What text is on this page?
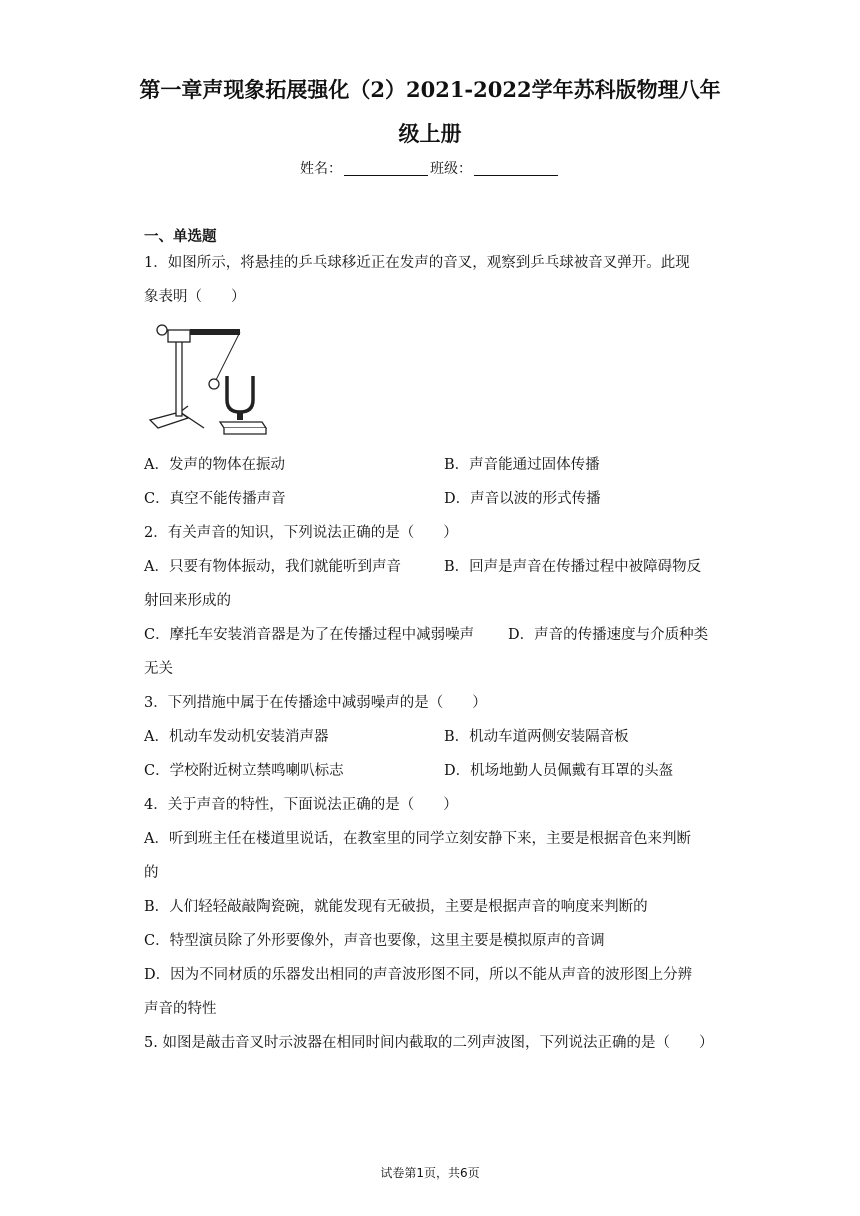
第一章声现象拓展强化（2）2021-2022学年苏科版物理八年
级上册
姓名：	班级：
一、单选题
1．如图所示，将悬挂的乒乓球移近正在发声的音叉，观察到乒乓球被音叉弹开。此现
象表明（　　）
A．发声的物体在振动	B．声音能通过固体传播
C．真空不能传播声音	D．声音以波的形式传播
2．有关声音的知识，下列说法正确的是（　　）
A．只要有物体振动，我们就能听到声音	B．回声是声音在传播过程中被障碍物反
射回来形成的
C．摩托车安装消音器是为了在传播过程中减弱噪声 D．声音的传播速度与介质种类
无关
3．下列措施中属于在传播途中减弱噪声的是（　　）
A．机动车发动机安装消声器	B．机动车道两侧安装隔音板
C．学校附近树立禁鸣喇叭标志	D．机场地勤人员佩戴有耳罩的头盔
4．关于声音的特性，下面说法正确的是（　　）
A．听到班主任在楼道里说话，在教室里的同学立刻安静下来，主要是根据音色来判断
的
B．人们轻轻敲敲陶瓷碗，就能发现有无破损，主要是根据声音的响度来判断的
C．特型演员除了外形要像外，声音也要像，这里主要是模拟原声的音调
D．因为不同材质的乐器发出相同的声音波形图不同，所以不能从声音的波形图上分辨
声音的特性
5. 如图是敲击音叉时示波器在相同时间内截取的二列声波图，下列说法正确的是（　　）
试卷第1页，共6页
